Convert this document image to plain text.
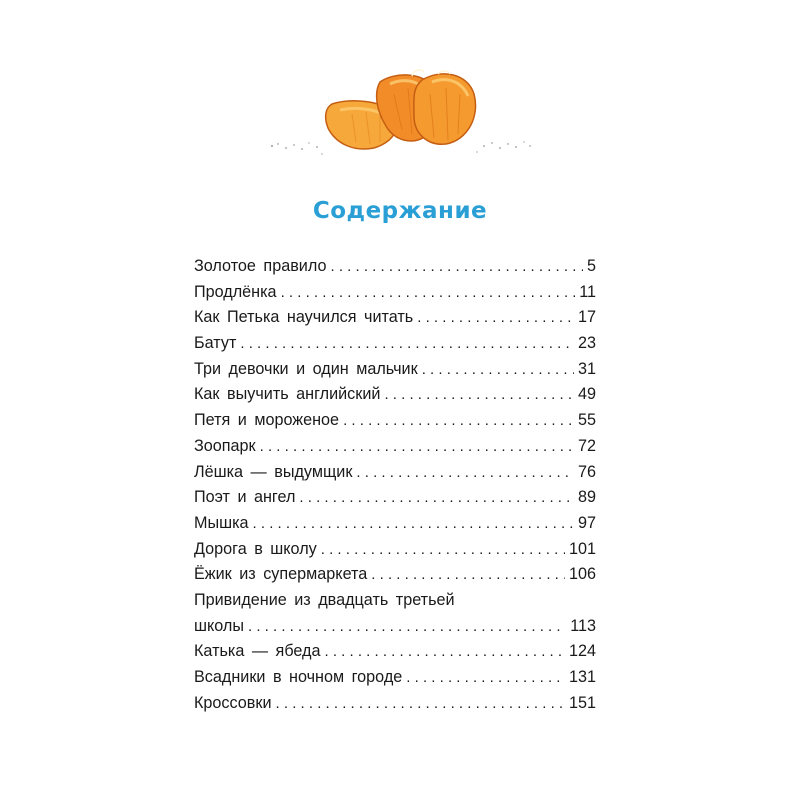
Содержание
Золотое правило . . .	5
Продлёнка . . .	11
Как Петька научился читать . . .	17
Батут . . .	23
Три девочки и один мальчик . . .	31
Как выучить английский . . .	49
Петя и мороженое . . .	55
Зоопарк . . .	72
Лёшка — выдумщик . . .	76
Поэт и ангел . . .	89
Мышка . . .	97
Дорога в школу . . .	101
Ёжик из супермаркета . . .	106
Привидение из двадцать третьей
школы . . .	113
Катька — ябеда . . .	124
Всадники в ночном городе . . .	131
Кроссовки . . .	151
